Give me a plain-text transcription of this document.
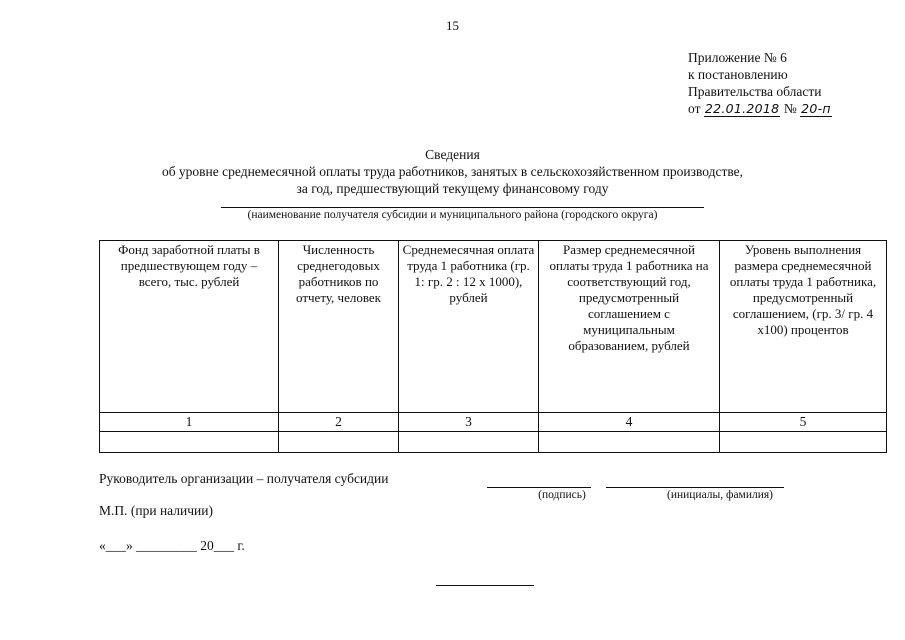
15
Приложение № 6
к постановлению
Правительства области
от 22.01.2018 № 20-п
Сведения
об уровне среднемесячной оплаты труда работников, занятых в сельскохозяйственном производстве,
за год, предшествующий текущему финансовому году
(наименование получателя субсидии и муниципального района (городского округа)
Фонд заработной платы в предшествующем году – всего, тыс. рублей	Численность среднегодовых работников по отчету, человек	Среднемесячная оплата труда 1 работника (гр. 1: гр. 2 : 12 х 1000), рублей	Размер среднемесячной оплаты труда 1 работника на соответствующий год, предусмотренный соглашением с муниципальным образованием, рублей	Уровень выполнения размера среднемесячной оплаты труда 1 работника, предусмотренный соглашением, (гр. 3/ гр. 4 х100) процентов
1	2	3	4	5

Руководитель организации – получателя субсидии
(подпись)	(инициалы, фамилия)
М.П. (при наличии)
«___» _________ 20___ г.
